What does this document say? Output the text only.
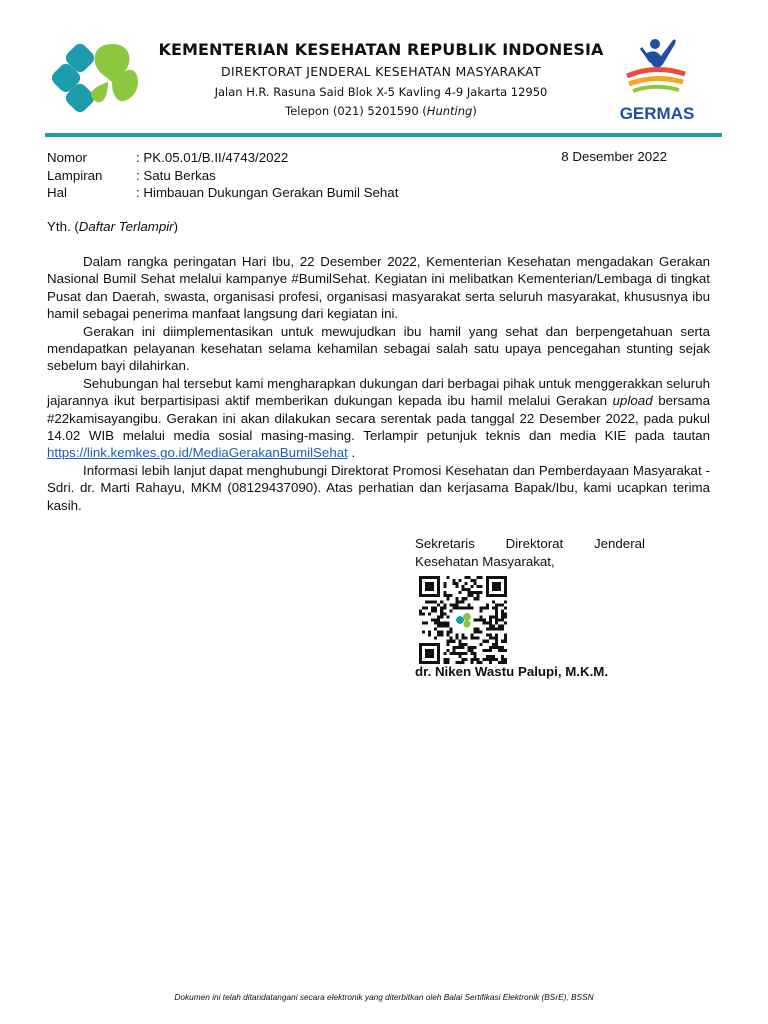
KEMENTERIAN KESEHATAN REPUBLIK INDONESIA
DIREKTORAT JENDERAL KESEHATAN MASYARAKAT
Jalan H.R. Rasuna Said Blok X-5 Kavling 4-9 Jakarta 12950
Telepon (021) 5201590 (Hunting)	GERMAS
Nomor	: PK.05.01/B.II/4743/2022
Lampiran	: Satu Berkas
Hal	: Himbauan Dukungan Gerakan Bumil Sehat
8 Desember 2022
Yth. (Daftar Terlampir)

Dalam rangka peringatan Hari Ibu, 22 Desember 2022, Kementerian Kesehatan mengadakan Gerakan Nasional Bumil Sehat melalui kampanye #BumilSehat. Kegiatan ini melibatkan Kementerian/Lembaga di tingkat Pusat dan Daerah, swasta, organisasi profesi, organisasi masyarakat serta seluruh masyarakat, khususnya ibu hamil sebagai penerima manfaat langsung dari kegiatan ini.

Gerakan ini diimplementasikan untuk mewujudkan ibu hamil yang sehat dan berpengetahuan serta mendapatkan pelayanan kesehatan selama kehamilan sebagai salah satu upaya pencegahan stunting sejak sebelum bayi dilahirkan.

Sehubungan hal tersebut kami mengharapkan dukungan dari berbagai pihak untuk menggerakkan seluruh jajarannya ikut berpartisipasi aktif memberikan dukungan kepada ibu hamil melalui Gerakan upload bersama #22kamisayangibu. Gerakan ini akan dilakukan secara serentak pada tanggal 22 Desember 2022, pada pukul 14.02 WIB melalui media sosial masing-masing. Terlampir petunjuk teknis dan media KIE pada tautan https://link.kemkes.go.id/MediaGerakanBumilSehat .

Informasi lebih lanjut dapat menghubungi Direktorat Promosi Kesehatan dan Pemberdayaan Masyarakat - Sdri. dr. Marti Rahayu, MKM (08129437090). Atas perhatian dan kerjasama Bapak/Ibu, kami ucapkan terima kasih.

Sekretaris Direktorat Jenderal
Kesehatan Masyarakat,
dr. Niken Wastu Palupi, M.K.M.
Dokumen ini telah ditandatangani secara elektronik yang diterbitkan oleh Balai Sertifikasi Elektronik (BSrE), BSSN
